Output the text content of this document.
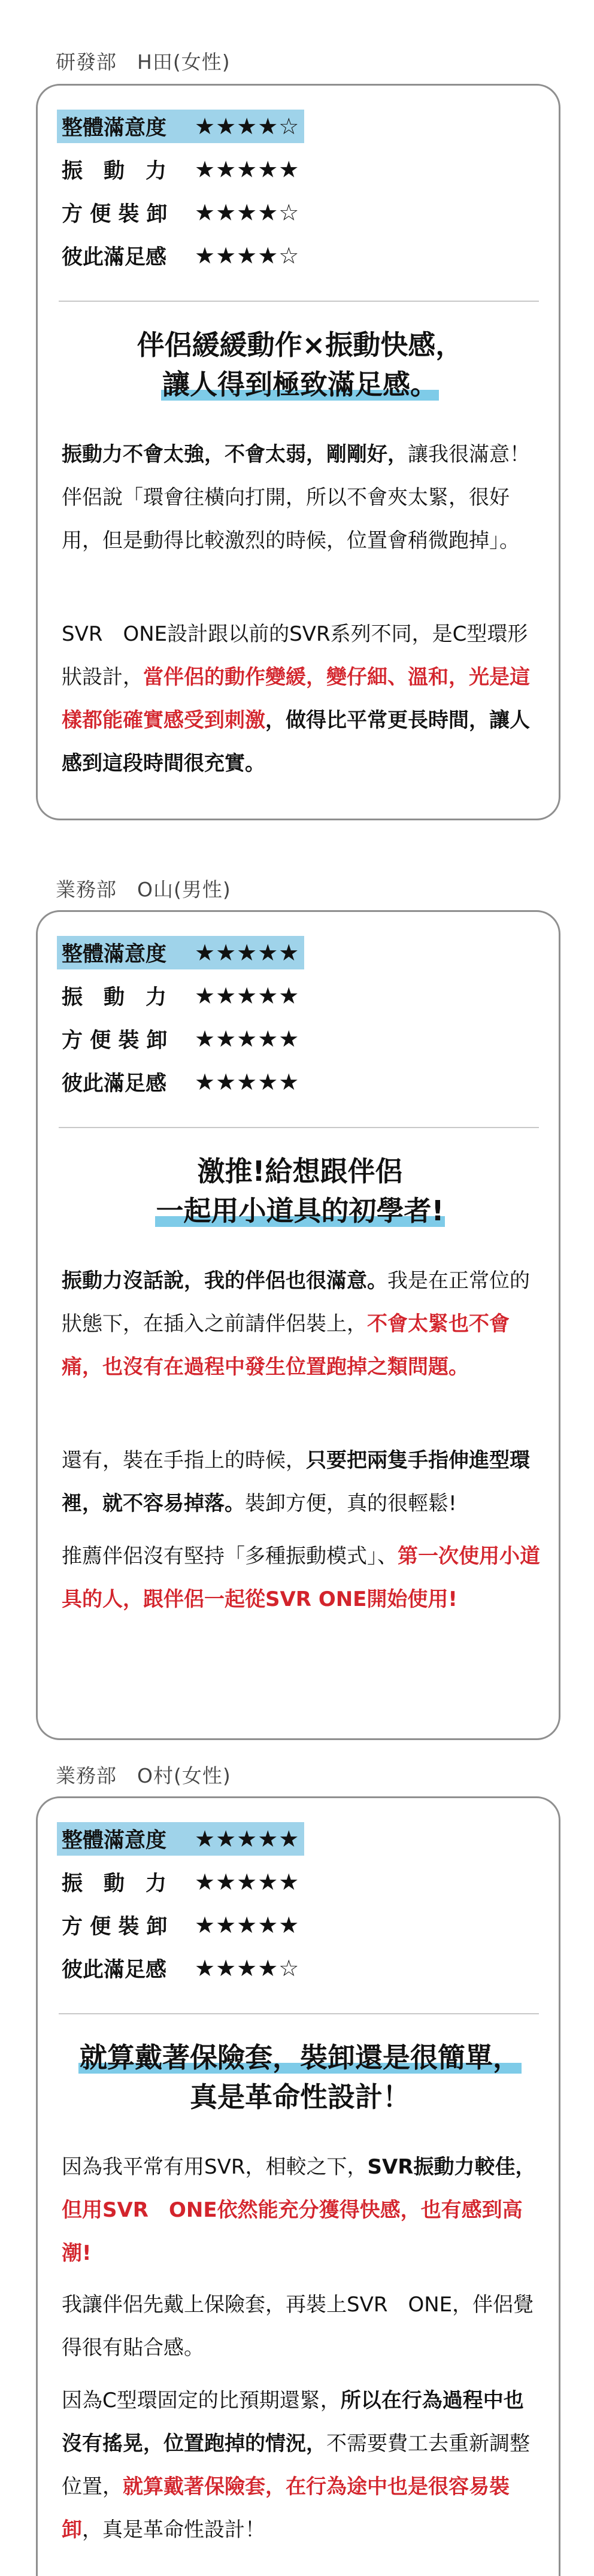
研發部　H田(女性)
整體滿意度	★★★★☆
振　動　力	★★★★★
方 便 裝 卸	★★★★☆
彼此滿足感	★★★★☆
伴侶緩緩動作×振動快感，
讓人得到極致滿足感。

振動力不會太強，不會太弱，剛剛好，讓我很滿意！伴侶說「環會往橫向打開，所以不會夾太緊，很好用，但是動得比較激烈的時候，位置會稍微跑掉」。

SVR　ONE設計跟以前的SVR系列不同，是C型環形狀設計，當伴侶的動作變緩，變仔細、溫和，光是這樣都能確實感受到刺激，做得比平常更長時間，讓人感到這段時間很充實。

業務部　O山(男性)
整體滿意度	★★★★★
振　動　力	★★★★★
方 便 裝 卸	★★★★★
彼此滿足感	★★★★★
激推!給想跟伴侶
一起用小道具的初學者!

振動力沒話說，我的伴侶也很滿意。我是在正常位的狀態下，在插入之前請伴侶裝上，不會太緊也不會痛，也沒有在過程中發生位置跑掉之類問題。

還有，裝在手指上的時候，只要把兩隻手指伸進型環裡，就不容易掉落。裝卸方便，真的很輕鬆!

推薦伴侶沒有堅持「多種振動模式」、第一次使用小道具的人，跟伴侶一起從SVR ONE開始使用!

業務部　O村(女性)
整體滿意度	★★★★★
振　動　力	★★★★★
方 便 裝 卸	★★★★★
彼此滿足感	★★★★☆
就算戴著保險套，裝卸還是很簡單，
真是革命性設計！

因為我平常有用SVR，相較之下，SVR振動力較佳，但用SVR　ONE依然能充分獲得快感，也有感到高潮!

我讓伴侶先戴上保險套，再裝上SVR　ONE，伴侶覺得很有貼合感。

因為C型環固定的比預期還緊，所以在行為過程中也沒有搖晃，位置跑掉的情況，不需要費工去重新調整位置，就算戴著保險套，在行為途中也是很容易裝卸，真是革命性設計！
